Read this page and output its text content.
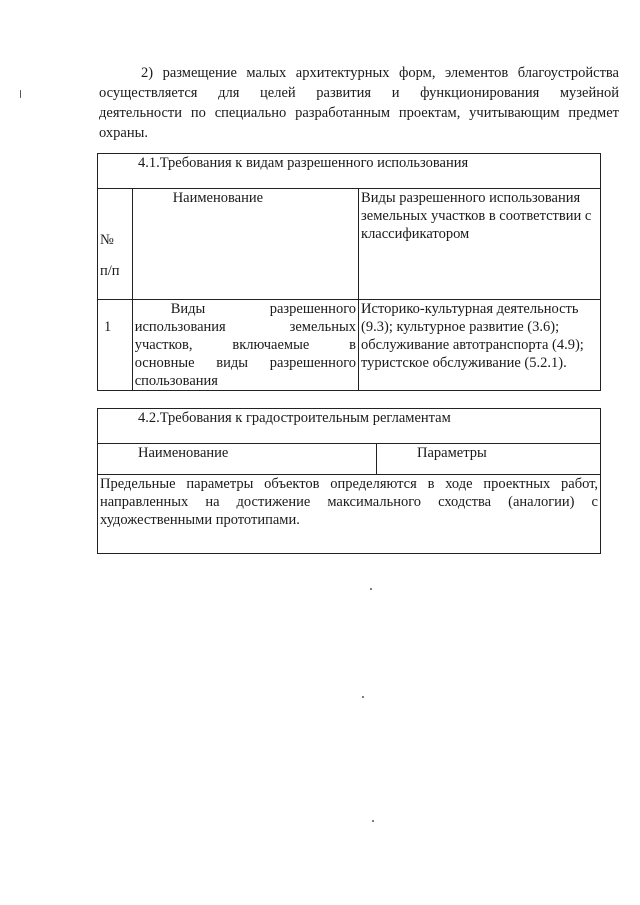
2) размещение малых архитектурных форм, элементов благоустройства
осуществляется для целей развития и функционирования музейной
деятельности по специально разработанным проектам, учитывающим предмет
охраны.
4.1.Требования к видам разрешенного использования		

№
п/п	Наименование	Виды разрешенного использования
земельных участков в соответствии с
классификатором

1	Виды разрешенного
использования земельных
участков, включаемые в
основные виды разрешенного
спользования	Историко-культурная деятельность
(9.3); культурное развитие (3.6);
обслуживание автотранспорта (4.9);
туристское обслуживание (5.2.1).
4.2.Требования к градостроительным регламентам
Наименование	Параметры

Предельные параметры объектов определяются в ходе проектных работ,
направленных на достижение максимального сходства (аналогии) с
художественными прототипами.
